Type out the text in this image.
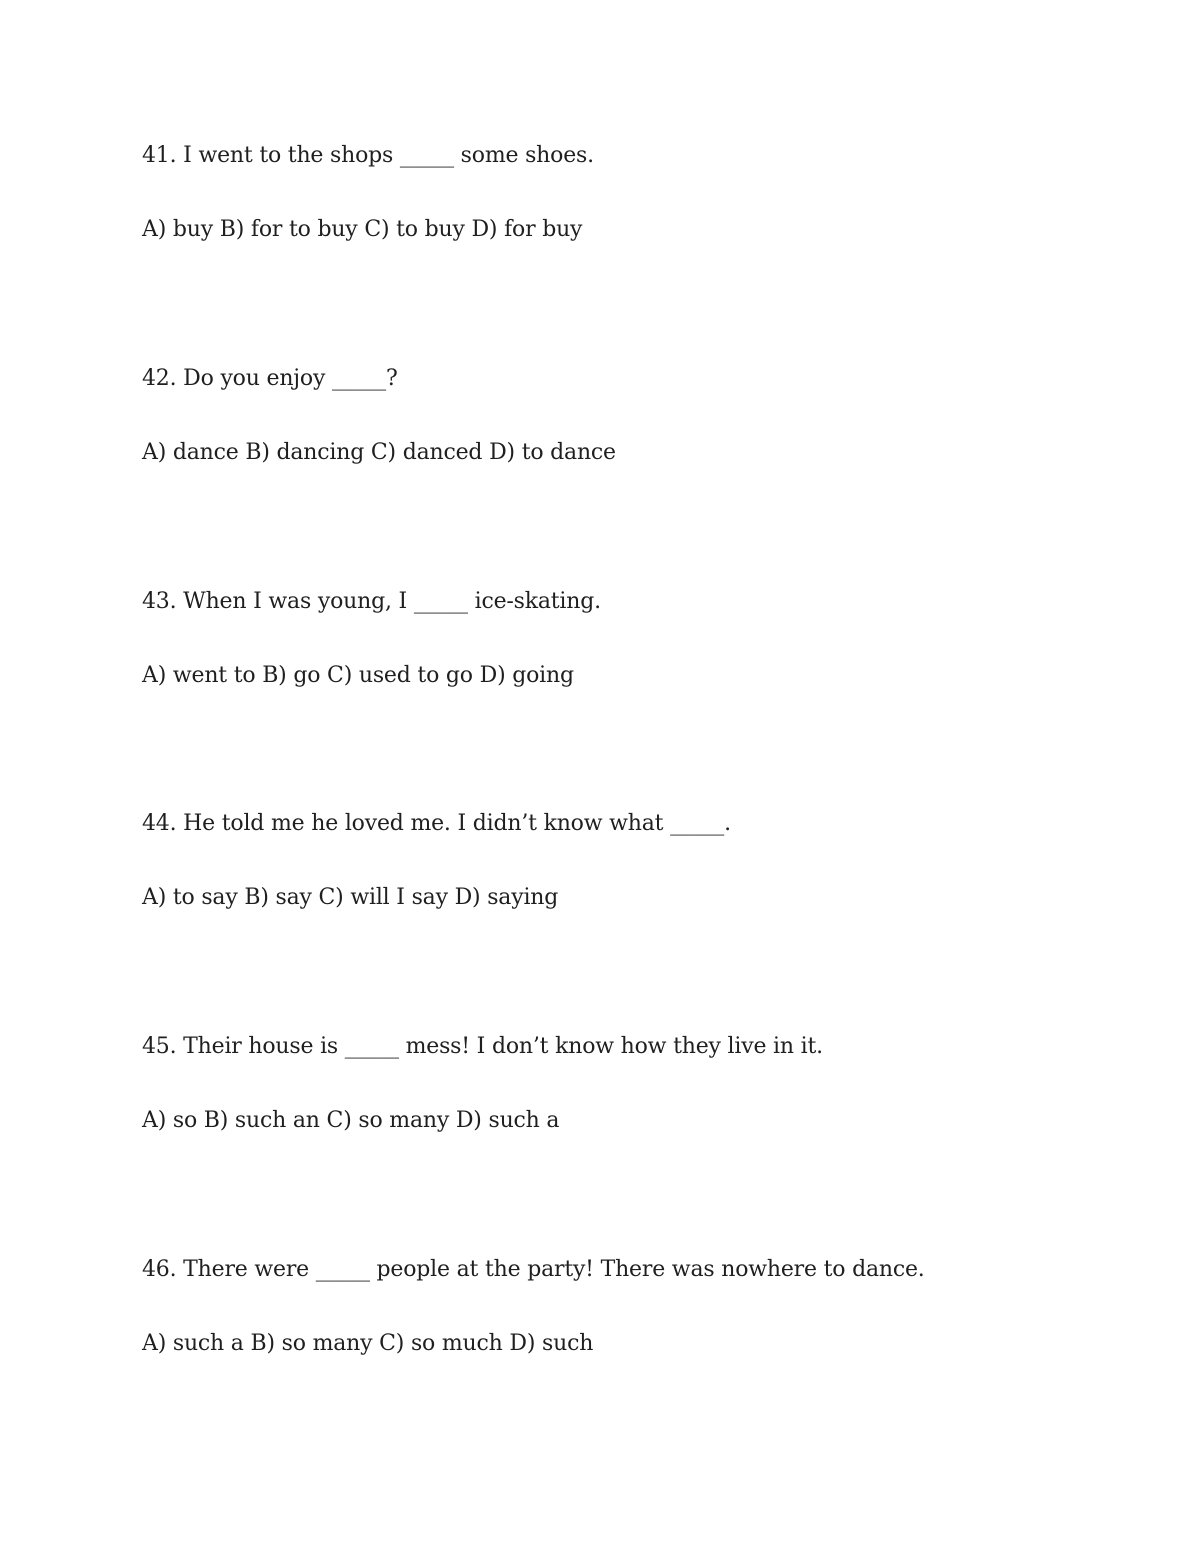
41. I went to the shops _____ some shoes.

A) buy B) for to buy C) to buy D) for buy

42. Do you enjoy _____?

A) dance B) dancing C) danced D) to dance

43. When I was young, I _____ ice-skating.

A) went to B) go C) used to go D) going

44. He told me he loved me. I didn’t know what _____.

A) to say B) say C) will I say D) saying

45. Their house is _____ mess! I don’t know how they live in it.

A) so B) such an C) so many D) such a

46. There were _____ people at the party! There was nowhere to dance.

A) such a B) so many C) so much D) such
